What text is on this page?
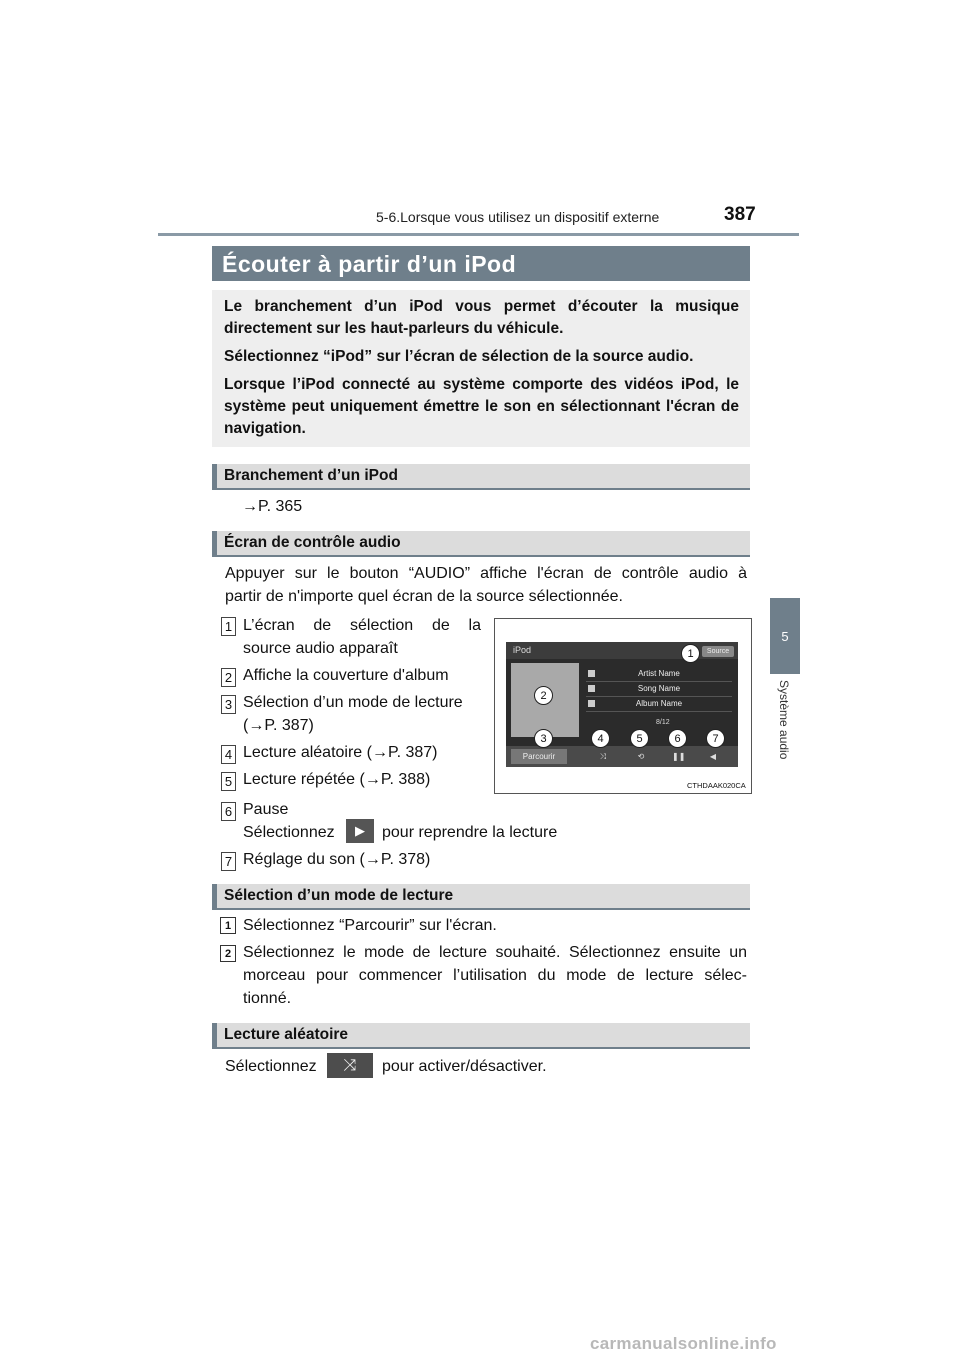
5-6.Lorsque vous utilisez un dispositif externe	387
5
Système audio
Écouter à partir d’un iPod

Le branchement d’un iPod vous permet d’écouter la musique directement sur les haut-parleurs du véhicule.

Sélectionnez “iPod” sur l’écran de sélection de la source audio.

Lorsque l’iPod connecté au système comporte des vidéos iPod, le système peut uniquement émettre le son en sélectionnant l'écran de navigation.

Branchement d’un iPod
→P. 365
Écran de contrôle audio
Appuyer sur le bouton “AUDIO” affiche l'écran de contrôle audio à
partir de n'importe quel écran de la source sélectionnée.
1 L’écran de sélection de la
source audio apparaît
2 Affiche la couverture d'album
3 Sélection d’un mode de lecture
(→P. 387)
4 Lecture aléatoire (→P. 387)
5 Lecture répétée (→P. 388)
6 Pause
Sélectionnez	▶	pour reprendre la lecture
7 Réglage du son (→P. 378)
iPod	Source
Artist Name
Song Name
Album Name
8/12
Parcourir	⤨	⟲	❚❚	◀
1
2
3	4	5	6	7
CTHDAAK020CA
Sélection d’un mode de lecture
1 Sélectionnez “Parcourir” sur l'écran.
2 Sélectionnez le mode de lecture souhaité. Sélectionnez ensuite un
morceau pour commencer l’utilisation du mode de lecture sélec-
tionné.
Lecture aléatoire
Sélectionnez	⤨	pour activer/désactiver.
carmanualsonline.info
